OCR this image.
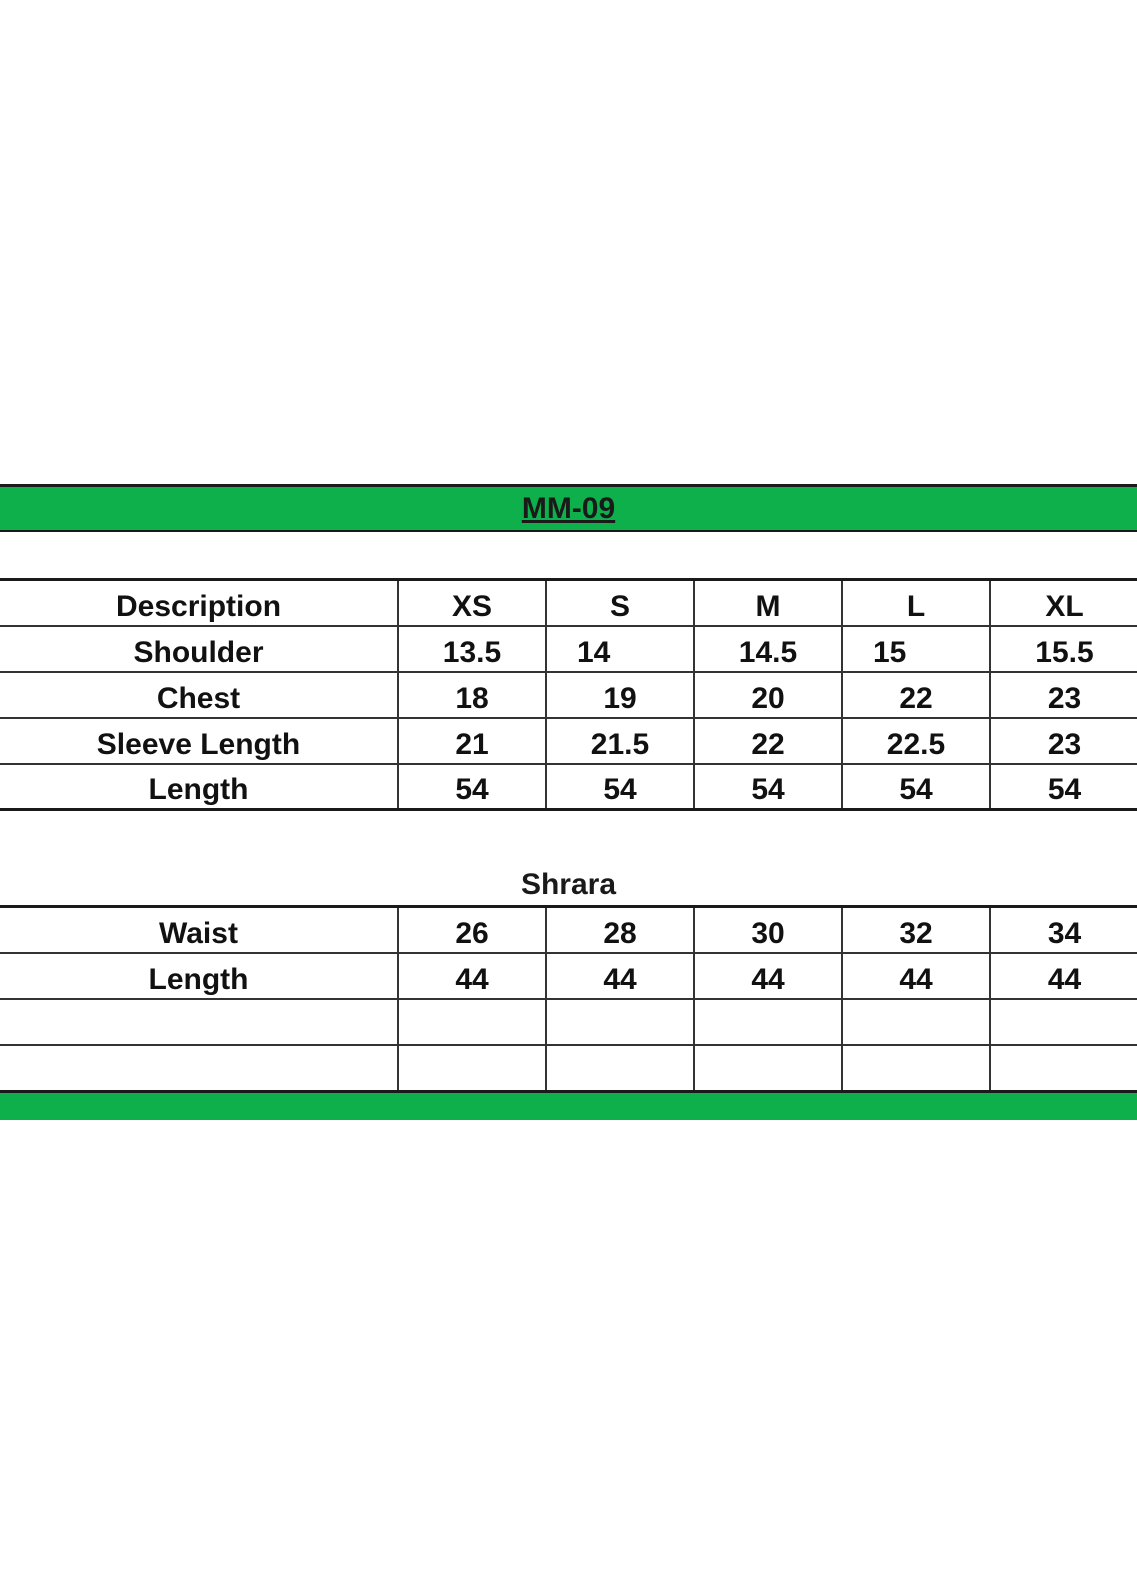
MM-09
Description	XS	S	M	L	XL
Shoulder	13.5	14	14.5	15	15.5
Chest	18	19	20	22	23
Sleeve Length	21	21.5	22	22.5	23
Length	54	54	54	54	54
Shrara
Waist	26	28	30	32	34
Length	44	44	44	44	44
